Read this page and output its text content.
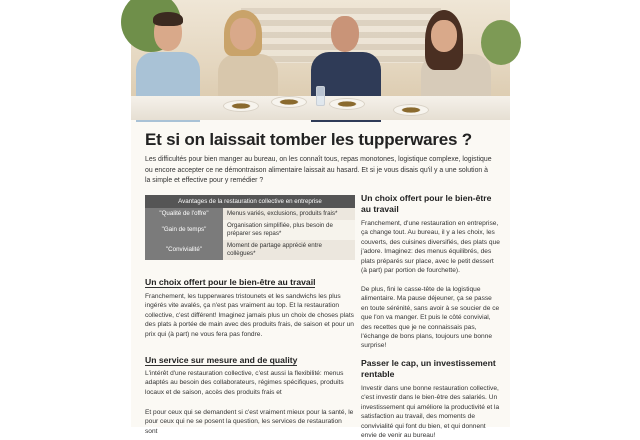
Et si on laissait tomber les tupperwares ?
Les difficultés pour bien manger au bureau, on les connaît tous, repas monotones, logistique complexe, logistique ou encore accepter ce ne démontraison alimentaire laissait au hasard. Et si je vous disais qu'il y a une solution à la simple et effective pour y remédier ?
Avantages de la restauration collective en entreprise	
"Qualité de l'offre"	Menus variés, exclusions, produits frais*
"Gain de temps"	Organisation simplifiée, plus besoin de préparer ses repas*
"Convivialité"	Moment de partage apprécié entre collègues*
Un choix offert pour le bien-être au travail
Franchement, les tupperwares tristounets et les sandwichs les plus ingérés vite avalés, ça n'est pas vraiment au top. Et la restauration collective, c'est différent! Imaginez jamais plus un choix de choses plats des plats à portée de main avec des produits frais, de saison et pour un prix qui (à part) ne vous fera pas fondre.
Un service sur mesure and de quality
L'intérêt d'une restauration collective, c'est aussi la flexibilité: menus adaptés au besoin des collaborateurs, régimes spécifiques, produits locaux et de saison, accès des produits frais et
Et pour ceux qui se demandent si c'est vraiment mieux pour la santé, le pour ceux qui ne se posent la question, les services de restauration sont
Un choix offert pour le bien-être au travail
Franchement, d'une restauration en entreprise, ça change tout. Au bureau, il y a les choix, les couverts, des cuisines diversifiés, des plats que j'adore. Imaginez: des menus équilibrés, des plats préparés sur place, avec le petit dessert (à part) par portion de fourchette).
De plus, fini le casse-tête de la logistique alimentaire. Ma pause déjeuner, ça se passe en toute sérénité, sans avoir à se soucier de ce que l'on va manger. Et puis le côté convivial, des recettes que je ne connaissais pas, l'échange de bons plans, toujours une bonne surprise!
Passer le cap, un investissement rentable
Investir dans une bonne restauration collective, c'est investir dans le bien-être des salariés. Un investissement qui améliore la productivité et la satisfaction au travail, des moments de convivialité qui font du bien, et qui donnent envie de venir au bureau!
